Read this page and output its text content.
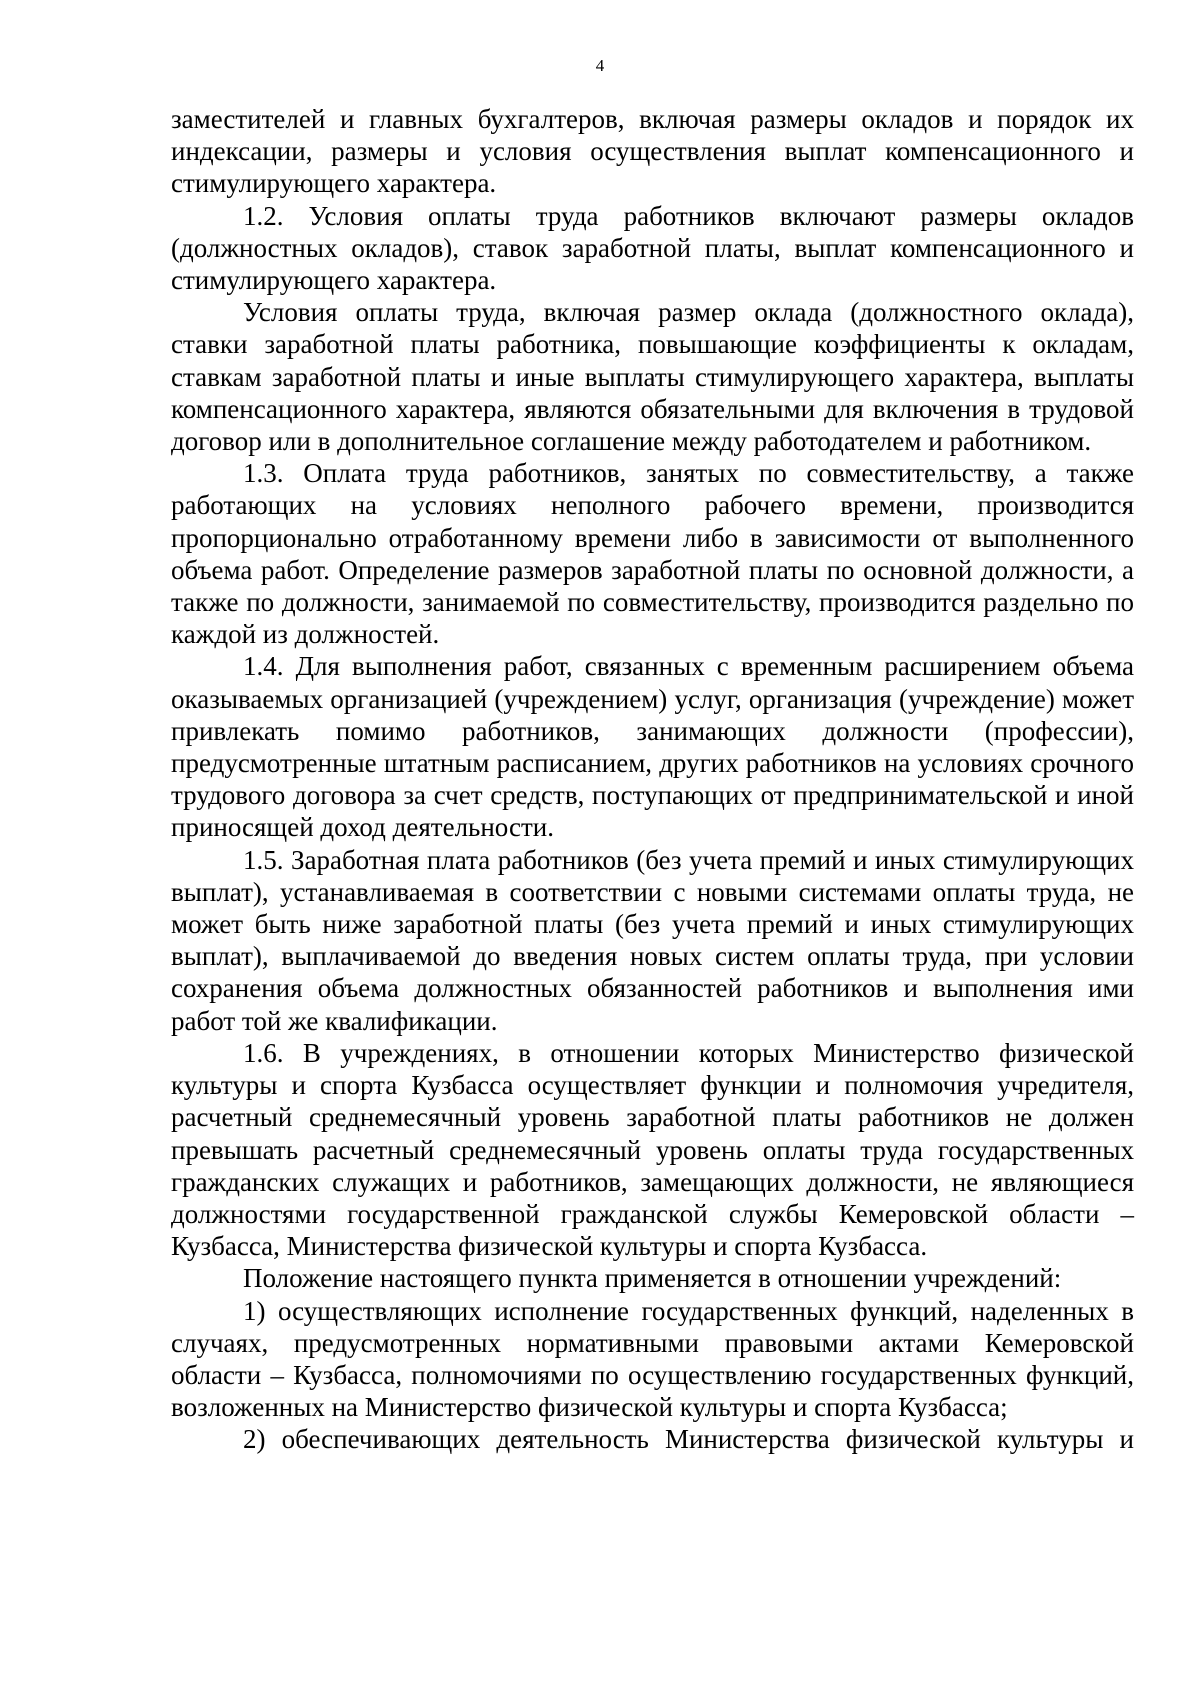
4

заместителей и главных бухгалтеров, включая размеры окладов и порядок их индексации, размеры и условия осуществления выплат компенсационного и стимулирующего характера.

1.2. Условия оплаты труда работников включают размеры окладов (должностных окладов), ставок заработной платы, выплат компенсационного и стимулирующего характера.

Условия оплаты труда, включая размер оклада (должностного оклада), ставки заработной платы работника, повышающие коэффициенты к окладам, ставкам заработной платы и иные выплаты стимулирующего характера, выплаты компенсационного характера, являются обязательными для включения в трудовой договор или в дополнительное соглашение между работодателем и работником.

1.3. Оплата труда работников, занятых по совместительству, а также работающих на условиях неполного рабочего времени, производится пропорционально отработанному времени либо в зависимости от выполненного объема работ. Определение размеров заработной платы по основной должности, а также по должности, занимаемой по совместительству, производится раздельно по каждой из должностей.

1.4. Для выполнения работ, связанных с временным расширением объема оказываемых организацией (учреждением) услуг, организация (учреждение) может привлекать помимо работников, занимающих должности (профессии), предусмотренные штатным расписанием, других работников на условиях срочного трудового договора за счет средств, поступающих от предпринимательской и иной приносящей доход деятельности.

1.5. Заработная плата работников (без учета премий и иных стимулирующих выплат), устанавливаемая в соответствии с новыми системами оплаты труда, не может быть ниже заработной платы (без учета премий и иных стимулирующих выплат), выплачиваемой до введения новых систем оплаты труда, при условии сохранения объема должностных обязанностей работников и выполнения ими работ той же квалификации.

1.6. В учреждениях, в отношении которых Министерство физической культуры и спорта Кузбасса осуществляет функции и полномочия учредителя, расчетный среднемесячный уровень заработной платы работников не должен превышать расчетный среднемесячный уровень оплаты труда государственных гражданских служащих и работников, замещающих должности, не являющиеся должностями государственной гражданской службы Кемеровской области – Кузбасса, Министерства физической культуры и спорта Кузбасса.

Положение настоящего пункта применяется в отношении учреждений:

1) осуществляющих исполнение государственных функций, наделенных в случаях, предусмотренных нормативными правовыми актами Кемеровской области – Кузбасса, полномочиями по осуществлению государственных функций, возложенных на Министерство физической культуры и спорта Кузбасса;

2) обеспечивающих деятельность Министерства физической культуры и
